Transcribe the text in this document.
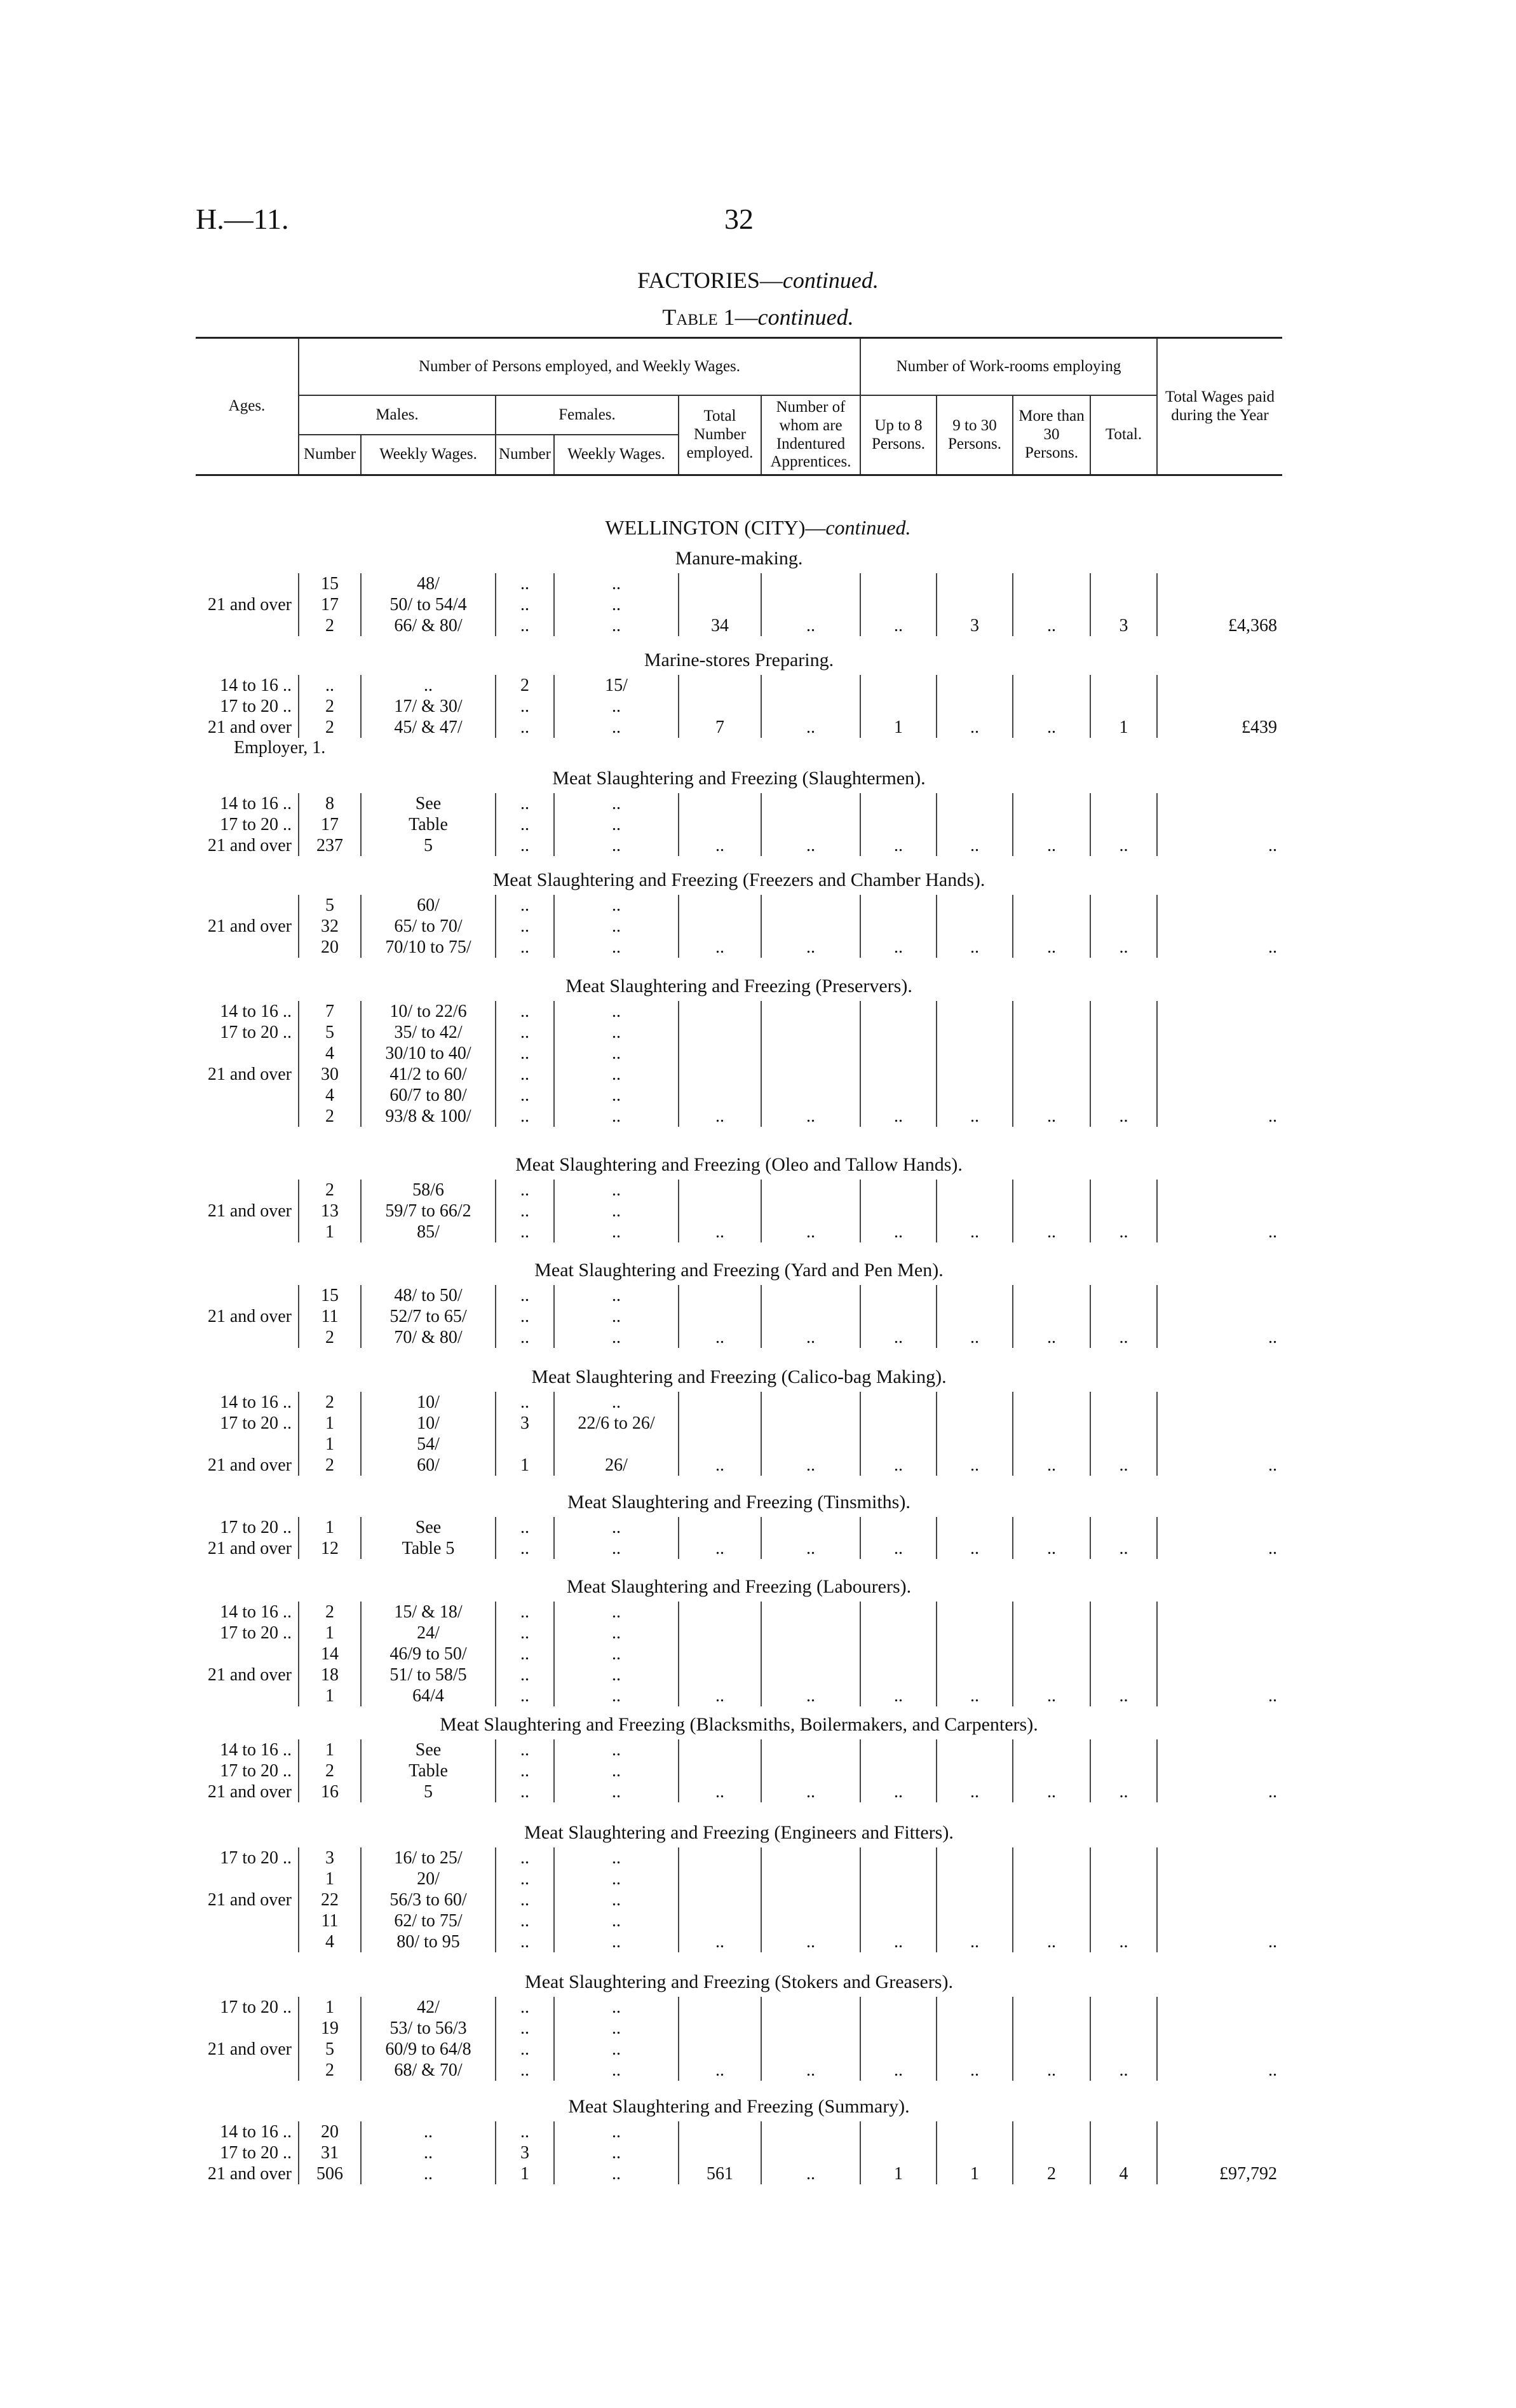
H.—11.	32
FACTORIES—continued.
Table 1—continued.
Ages.	Number of Persons employed, and Weekly Wages.						Number of Work-rooms employing				Total Wages paid during the Year
	Males.		Females.		Total Number employed.	Number of whom are Indentured Apprentices.	Up to 8 Persons.	9 to 30 Persons.	More than 30 Persons.	Total.	
	Number	Weekly Wages.	Number	Weekly Wages.							
WELLINGTON (CITY)—continued.
Manure-making.
	15	48/	..	..							
21 and over	17	50/ to 54/4	..	..							
	2	66/ & 80/	..	..	34	..	..	3	..	3	£4,368
Marine-stores Preparing.
14 to 16 ..	..	..	2	15/							
17 to 20 ..	2	17/ & 30/	..	..							
21 and over	2	45/ & 47/	..	..	7	..	1	..	..	1	£439
Employer, 1.
Meat Slaughtering and Freezing (Slaughtermen).
14 to 16 ..	8	See	..	..							
17 to 20 ..	17	Table	..	..							
21 and over	237	5	..	..	..	..	..	..	..	..	..
Meat Slaughtering and Freezing (Freezers and Chamber Hands).
	5	60/	..	..							
21 and over	32	65/ to 70/	..	..							
	20	70/10 to 75/	..	..	..	..	..	..	..	..	..
Meat Slaughtering and Freezing (Preservers).
14 to 16 ..	7	10/ to 22/6	..	..							
17 to 20 ..	5	35/ to 42/	..	..							
	4	30/10 to 40/	..	..							
21 and over	30	41/2 to 60/	..	..							
	4	60/7 to 80/	..	..							
	2	93/8 & 100/	..	..	..	..	..	..	..	..	..
Meat Slaughtering and Freezing (Oleo and Tallow Hands).
	2	58/6	..	..							
21 and over	13	59/7 to 66/2	..	..							
	1	85/	..	..	..	..	..	..	..	..	..
Meat Slaughtering and Freezing (Yard and Pen Men).
	15	48/ to 50/	..	..							
21 and over	11	52/7 to 65/	..	..							
	2	70/ & 80/	..	..	..	..	..	..	..	..	..
Meat Slaughtering and Freezing (Calico-bag Making).
14 to 16 ..	2	10/	..	..							
17 to 20 ..	1	10/	3	22/6 to 26/							
	1	54/									
21 and over	2	60/	1	26/	..	..	..	..	..	..	..
Meat Slaughtering and Freezing (Tinsmiths).
17 to 20 ..	1	See	..	..							
21 and over	12	Table 5	..	..	..	..	..	..	..	..	..
Meat Slaughtering and Freezing (Labourers).
14 to 16 ..	2	15/ & 18/	..	..							
17 to 20 ..	1	24/	..	..							
	14	46/9 to 50/	..	..							
21 and over	18	51/ to 58/5	..	..							
	1	64/4	..	..	..	..	..	..	..	..	..
Meat Slaughtering and Freezing (Blacksmiths, Boilermakers, and Carpenters).
14 to 16 ..	1	See	..	..							
17 to 20 ..	2	Table	..	..							
21 and over	16	5	..	..	..	..	..	..	..	..	..
Meat Slaughtering and Freezing (Engineers and Fitters).
17 to 20 ..	3	16/ to 25/	..	..							
	1	20/	..	..							
21 and over	22	56/3 to 60/	..	..							
	11	62/ to 75/	..	..							
	4	80/ to 95	..	..	..	..	..	..	..	..	..
Meat Slaughtering and Freezing (Stokers and Greasers).
17 to 20 ..	1	42/	..	..							
	19	53/ to 56/3	..	..							
21 and over	5	60/9 to 64/8	..	..							
	2	68/ & 70/	..	..	..	..	..	..	..	..	..
Meat Slaughtering and Freezing (Summary).
14 to 16 ..	20	..	..	..							
17 to 20 ..	31	..	3	..							
21 and over	506	..	1	..	561	..	1	1	2	4	£97,792
